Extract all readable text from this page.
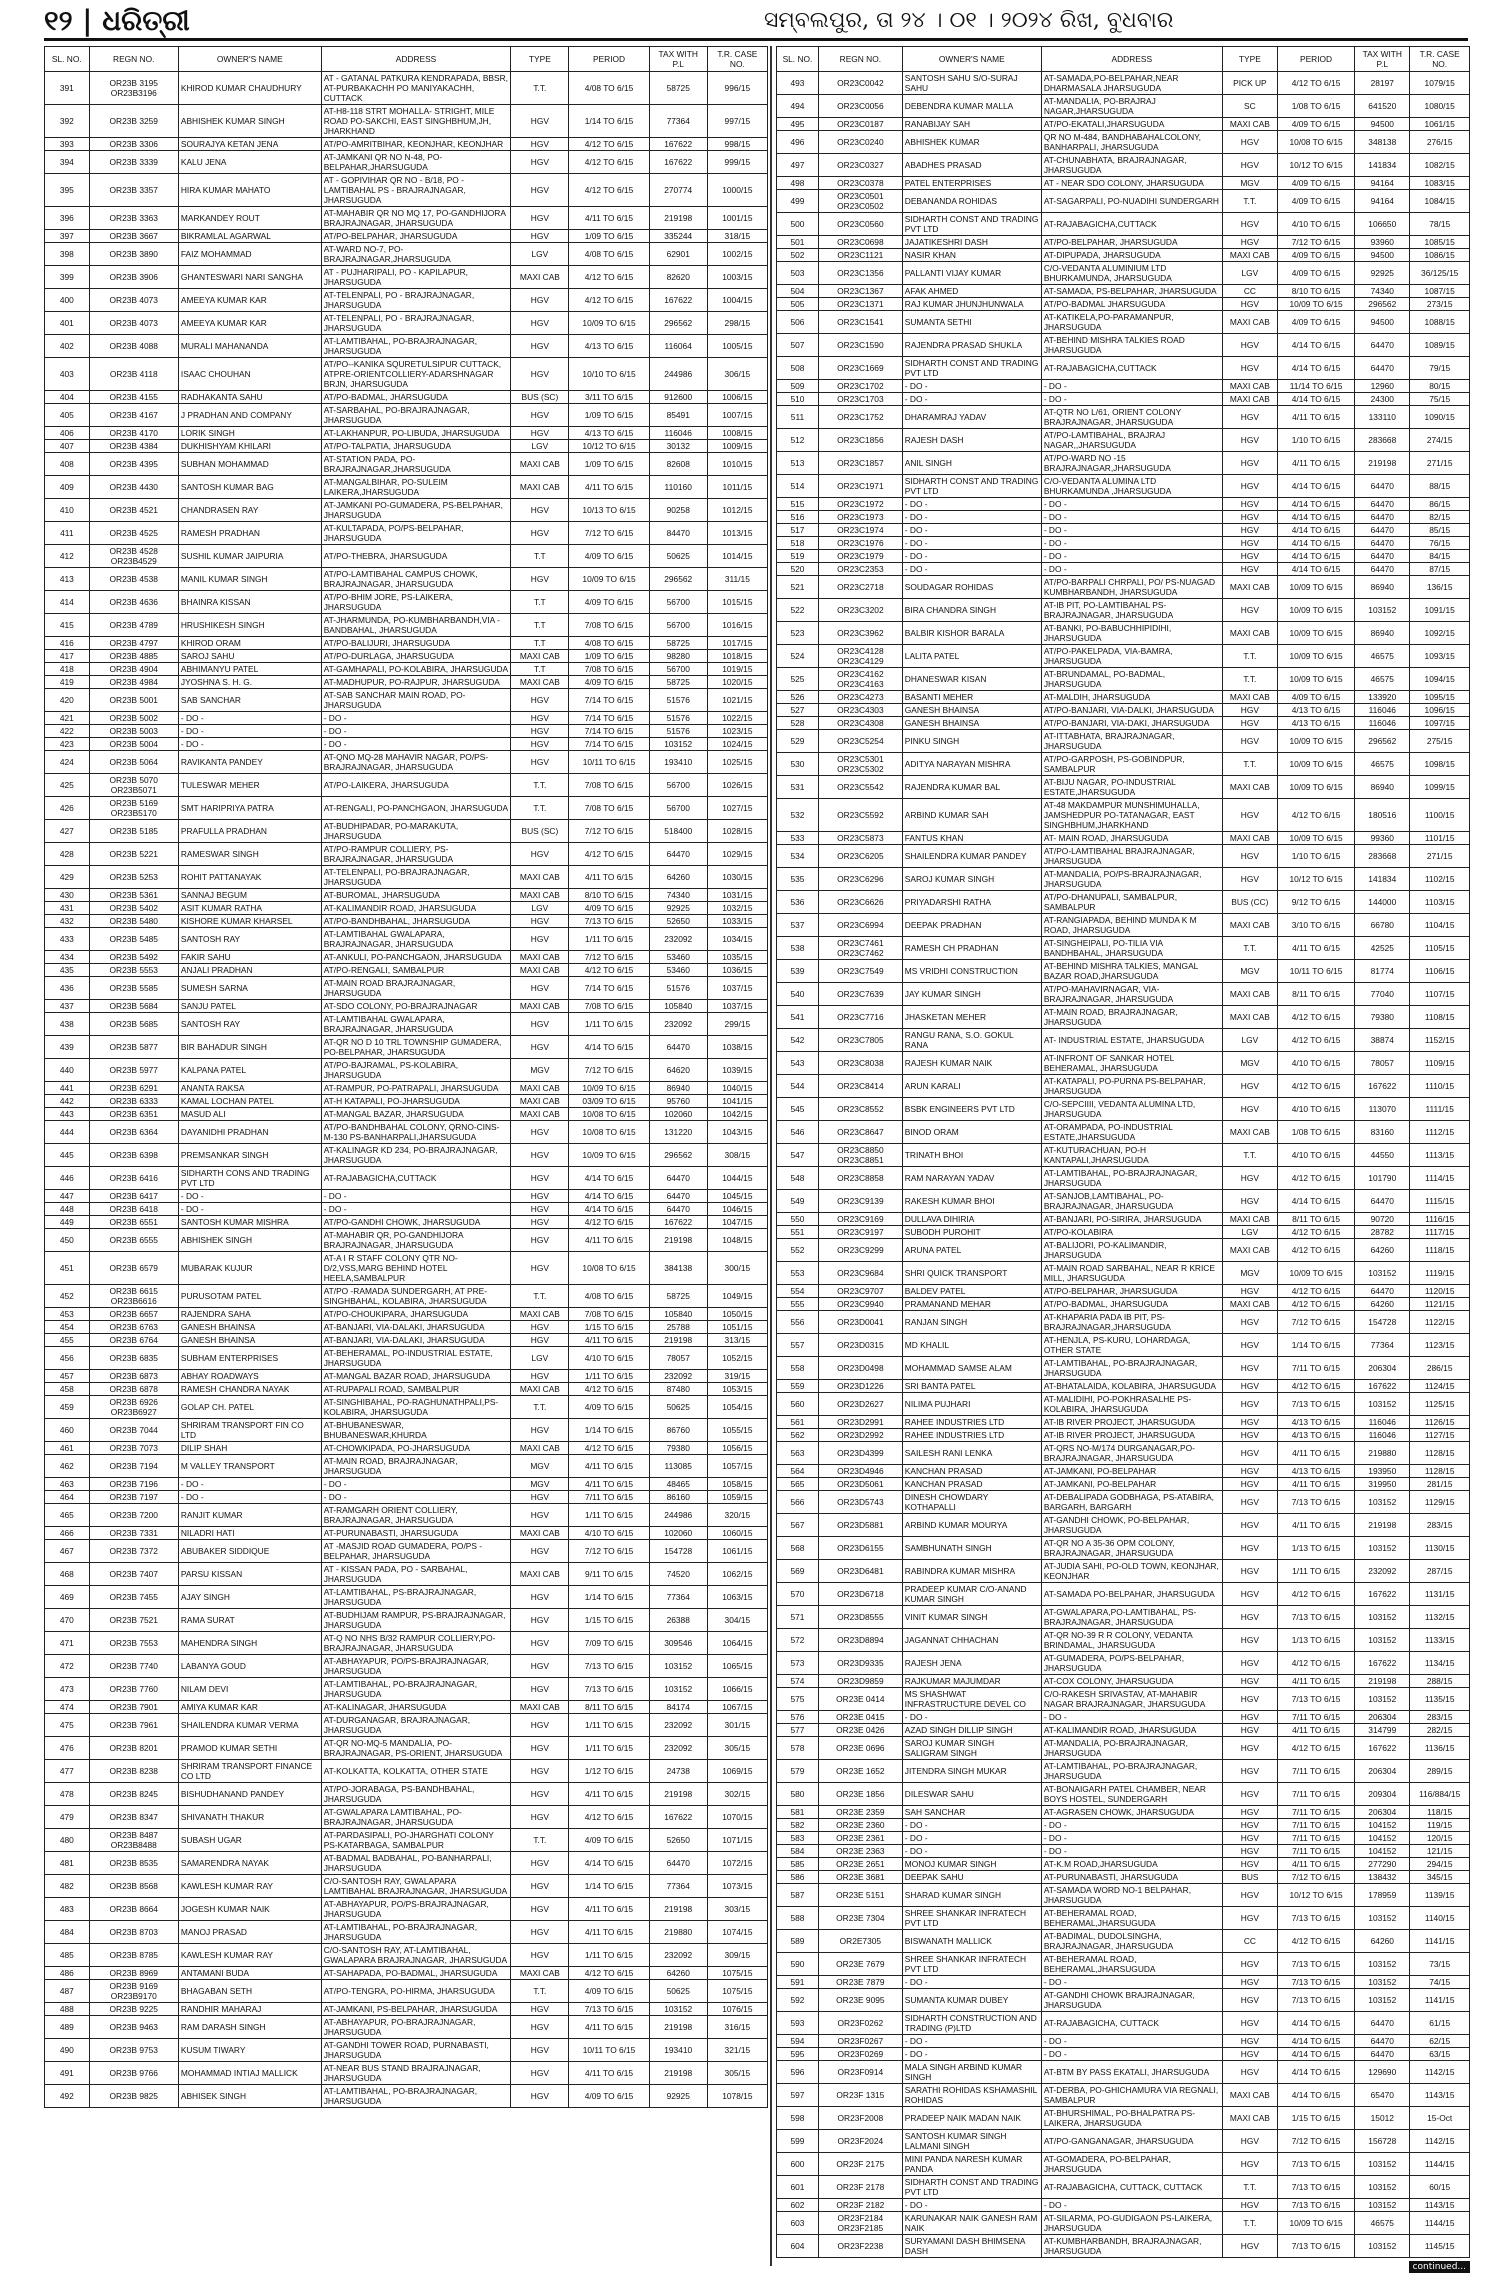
୧୨ | ଧରିତ୍ରୀ	ସମ୍ବଲପୁର, ତା ୨୪ । ୦୧ । ୨୦୨୪ ରିଖ, ବୁଧବାର
SL. NO.	REGN NO.	OWNER'S NAME	ADDRESS	TYPE	PERIOD	TAX WITH P.L	T.R. CASE NO.
391	OR23B 3195 OR23B3196	KHIROD KUMAR CHAUDHURY	AT - GATANAL PATKURA KENDRAPADA, BBSR, AT-PURBAKACHH PO MANIYAKACHH, CUTTACK	T.T.	4/08 TO 6/15	58725	996/15
392	OR23B 3259	ABHISHEK KUMAR SINGH	AT-H8-118 STRT MOHALLA- STRIGHT, MILE ROAD PO-SAKCHI, EAST SINGHBHUM,JH, JHARKHAND	HGV	1/14 TO 6/15	77364	997/15
393	OR23B 3306	SOURAJYA KETAN JENA	AT/PO-AMRITBIHAR, KEONJHAR, KEONJHAR	HGV	4/12 TO 6/15	167622	998/15
394	OR23B 3339	KALU JENA	AT-JAMKANI QR NO N-48, PO-BELPAHAR,JHARSUGUDA	HGV	4/12 TO 6/15	167622	999/15
395	OR23B 3357	HIRA KUMAR MAHATO	AT - GOPIVIHAR QR NO - B/18, PO -LAMTIBAHAL PS - BRAJRAJNAGAR, JHARSUGUDA	HGV	4/12 TO 6/15	270774	1000/15
396	OR23B 3363	MARKANDEY ROUT	AT-MAHABIR QR NO MQ 17, PO-GANDHIJORA BRAJRAJNAGAR, JHARSUGUDA	HGV	4/11 TO 6/15	219198	1001/15
397	OR23B 3667	BIKRAMLAL AGARWAL	AT/PO-BELPAHAR, JHARSUGUDA	HGV	1/09 TO 6/15	335244	318/15
398	OR23B 3890	FAIZ MOHAMMAD	AT-WARD NO-7, PO-BRAJRAJNAGAR,JHARSUGUDA	LGV	4/08 TO 6/15	62901	1002/15
399	OR23B 3906	GHANTESWARI NARI SANGHA	AT - PUJHARIPALI, PO - KAPILAPUR, JHARSUGUDA	MAXI CAB	4/12 TO 6/15	82620	1003/15
400	OR23B 4073	AMEEYA KUMAR KAR	AT-TELENPALI, PO - BRAJRAJNAGAR, JHARSUGUDA	HGV	4/12 TO 6/15	167622	1004/15
401	OR23B 4073	AMEEYA KUMAR KAR	AT-TELENPALI, PO - BRAJRAJNAGAR, JHARSUGUDA	HGV	10/09 TO 6/15	296562	298/15
402	OR23B 4088	MURALI MAHANANDA	AT-LAMTIBAHAL, PO-BRAJRAJNAGAR, JHARSUGUDA	HGV	4/13 TO 6/15	116064	1005/15
403	OR23B 4118	ISAAC CHOUHAN	AT/PO--KANIKA SQURETULSIPUR CUTTACK, ATPRE-ORIENTCOLLIERY-ADARSHNAGAR BRJN, JHARSUGUDA	HGV	10/10 TO 6/15	244986	306/15
404	OR23B 4155	RADHAKANTA SAHU	AT/PO-BADMAL, JHARSUGUDA	BUS (SC)	3/11 TO 6/15	912600	1006/15
405	OR23B 4167	J PRADHAN AND COMPANY	AT-SARBAHAL, PO-BRAJRAJNAGAR, JHARSUGUDA	HGV	1/09 TO 6/15	85491	1007/15
406	OR23B 4170	LORIK SINGH	AT-LAKHANPUR, PO-LIBUDA, JHARSUGUDA	HGV	4/13 TO 6/15	116046	1008/15
407	OR23B 4384	DUKHISHYAM KHILARI	AT/PO-TALPATIA, JHARSUGUDA	LGV	10/12 TO 6/15	30132	1009/15
408	OR23B 4395	SUBHAN MOHAMMAD	AT-STATION PADA, PO-BRAJRAJNAGAR,JHARSUGUDA	MAXI CAB	1/09 TO 6/15	82608	1010/15
409	OR23B 4430	SANTOSH KUMAR BAG	AT-MANGALBIHAR, PO-SULEIM LAIKERA,JHARSUGUDA	MAXI CAB	4/11 TO 6/15	110160	1011/15
410	OR23B 4521	CHANDRASEN RAY	AT-JAMKANI PO-GUMADERA, PS-BELPAHAR, JHARSUGUDA	HGV	10/13 TO 6/15	90258	1012/15
411	OR23B 4525	RAMESH PRADHAN	AT-KULTAPADA, PO/PS-BELPAHAR, JHARSUGUDA	HGV	7/12 TO 6/15	84470	1013/15
412	OR23B 4528 OR23B4529	SUSHIL KUMAR JAIPURIA	AT/PO-THEBRA, JHARSUGUDA	T.T	4/09 TO 6/15	50625	1014/15
413	OR23B 4538	MANIL KUMAR SINGH	AT/PO-LAMTIBAHAL CAMPUS CHOWK, BRAJRAJNAGAR, JHARSUGUDA	HGV	10/09 TO 6/15	296562	311/15
414	OR23B 4636	BHAINRA KISSAN	AT/PO-BHIM JORE, PS-LAIKERA, JHARSUGUDA	T.T	4/09 TO 6/15	56700	1015/15
415	OR23B 4789	HRUSHIKESH SINGH	AT-JHARMUNDA, PO-KUMBHARBANDH,VIA -BANDBAHAL, JHARSUGUDA	T.T	7/08 TO 6/15	56700	1016/15
416	OR23B 4797	KHIROD ORAM	AT/PO-BALIJURI, JHARSUGUDA	T.T	4/08 TO 6/15	58725	1017/15
417	OR23B 4885	SAROJ SAHU	AT/PO-DURLAGA, JHARSUGUDA	MAXI CAB	1/09 TO 6/15	98280	1018/15
418	OR23B 4904	ABHIMANYU PATEL	AT-GAMHAPALI, PO-KOLABIRA, JHARSUGUDA	T.T	7/08 TO 6/15	56700	1019/15
419	OR23B 4984	JYOSHNA S. H. G.	AT-MADHUPUR, PO-RAJPUR, JHARSUGUDA	MAXI CAB	4/09 TO 6/15	58725	1020/15
420	OR23B 5001	SAB SANCHAR	AT-SAB SANCHAR MAIN ROAD, PO-JHARSUGUDA	HGV	7/14 TO 6/15	51576	1021/15
421	OR23B 5002	- DO -	- DO -	HGV	7/14 TO 6/15	51576	1022/15
422	OR23B 5003	- DO -	- DO -	HGV	7/14 TO 6/15	51576	1023/15
423	OR23B 5004	- DO -	- DO -	HGV	7/14 TO 6/15	103152	1024/15
424	OR23B 5064	RAVIKANTA PANDEY	AT-QNO MQ-28 MAHAVIR NAGAR, PO/PS-BRAJRAJNAGAR, JHARSUGUDA	HGV	10/11 TO 6/15	193410	1025/15
425	OR23B 5070 OR23B5071	TULESWAR MEHER	AT/PO-LAIKERA, JHARSUGUDA	T.T.	7/08 TO 6/15	56700	1026/15
426	OR23B 5169 OR23B5170	SMT HARIPRIYA PATRA	AT-RENGALI, PO-PANCHGAON, JHARSUGUDA	T.T.	7/08 TO 6/15	56700	1027/15
427	OR23B 5185	PRAFULLA PRADHAN	AT-BUDHIPADAR, PO-MARAKUTA, JHARSUGUDA	BUS (SC)	7/12 TO 6/15	518400	1028/15
428	OR23B 5221	RAMESWAR SINGH	AT/PO-RAMPUR COLLIERY, PS-BRAJRAJNAGAR, JHARSUGUDA	HGV	4/12 TO 6/15	64470	1029/15
429	OR23B 5253	ROHIT PATTANAYAK	AT-TELENPALI, PO-BRAJRAJNAGAR, JHARSUGUDA	MAXI CAB	4/11 TO 6/15	64260	1030/15
430	OR23B 5361	SANNAJ BEGUM	AT-BUROMAL, JHARSUGUDA	MAXI CAB	8/10 TO 6/15	74340	1031/15
431	OR23B 5402	ASIT KUMAR RATHA	AT-KALIMANDIR ROAD, JHARSUGUDA	LGV	4/09 TO 6/15	92925	1032/15
432	OR23B 5480	KISHORE KUMAR KHARSEL	AT/PO-BANDHBAHAL, JHARSUGUDA	HGV	7/13 TO 6/15	52650	1033/15
433	OR23B 5485	SANTOSH RAY	AT-LAMTIBAHAL GWALAPARA, BRAJRAJNAGAR, JHARSUGUDA	HGV	1/11 TO 6/15	232092	1034/15
434	OR23B 5492	FAKIR SAHU	AT-ANKULI, PO-PANCHGAON, JHARSUGUDA	MAXI CAB	7/12 TO 6/15	53460	1035/15
435	OR23B 5553	ANJALI PRADHAN	AT/PO-RENGALI, SAMBALPUR	MAXI CAB	4/12 TO 6/15	53460	1036/15
436	OR23B 5585	SUMESH SARNA	AT-MAIN ROAD BRAJRAJNAGAR, JHARSUGUDA	HGV	7/14 TO 6/15	51576	1037/15
437	OR23B 5684	SANJU PATEL	AT-SDO COLONY, PO-BRAJRAJNAGAR	MAXI CAB	7/08 TO 6/15	105840	1037/15
438	OR23B 5685	SANTOSH RAY	AT-LAMTIBAHAL GWALAPARA, BRAJRAJNAGAR, JHARSUGUDA	HGV	1/11 TO 6/15	232092	299/15
439	OR23B 5877	BIR BAHADUR SINGH	AT-QR NO D 10 TRL TOWNSHIP GUMADERA, PO-BELPAHAR, JHARSUGUDA	HGV	4/14 TO 6/15	64470	1038/15
440	OR23B 5977	KALPANA PATEL	AT/PO-BAJRAMAL, PS-KOLABIRA, JHARSUGUDA	MGV	7/12 TO 6/15	64620	1039/15
441	OR23B 6291	ANANTA RAKSA	AT-RAMPUR, PO-PATRAPALI, JHARSUGUDA	MAXI CAB	10/09 TO 6/15	86940	1040/15
442	OR23B 6333	KAMAL LOCHAN PATEL	AT-H KATAPALI, PO-JHARSUGUDA	MAXI CAB	03/09 TO 6/15	95760	1041/15
443	OR23B 6351	MASUD ALI	AT-MANGAL BAZAR, JHARSUGUDA	MAXI CAB	10/08 TO 6/15	102060	1042/15
444	OR23B 6364	DAYANIDHI PRADHAN	AT/PO-BANDHBAHAL COLONY, QRNO-CINS-M-130 PS-BANHARPALI,JHARSUGUDA	HGV	10/08 TO 6/15	131220	1043/15
445	OR23B 6398	PREMSANKAR SINGH	AT-KALINAGR KD 234, PO-BRAJRAJNAGAR, JHARSUGUDA	HGV	10/09 TO 6/15	296562	308/15
446	OR23B 6416	SIDHARTH CONS AND TRADING PVT LTD	AT-RAJABAGICHA,CUTTACK	HGV	4/14 TO 6/15	64470	1044/15
447	OR23B 6417	- DO -	- DO -	HGV	4/14 TO 6/15	64470	1045/15
448	OR23B 6418	- DO -	- DO -	HGV	4/14 TO 6/15	64470	1046/15
449	OR23B 6551	SANTOSH KUMAR MISHRA	AT/PO-GANDHI CHOWK, JHARSUGUDA	HGV	4/12 TO 6/15	167622	1047/15
450	OR23B 6555	ABHISHEK SINGH	AT-MAHABIR QR, PO-GANDHIJORA BRAJRAJNAGAR, JHARSUGUDA	HGV	4/11 TO 6/15	219198	1048/15
451	OR23B 6579	MUBARAK KUJUR	AT-A I R STAFF COLONY QTR NO-D/2,VSS,MARG BEHIND HOTEL HEELA,SAMBALPUR	HGV	10/08 TO 6/15	384138	300/15
452	OR23B 6615 OR23B6616	PURUSOTAM PATEL	AT/PO -RAMADA SUNDERGARH, AT PRE-SINGHBAHAL, KOLABIRA, JHARSUGUDA	T.T.	4/08 TO 6/15	58725	1049/15
453	OR23B 6657	RAJENDRA SAHA	AT/PO-CHOUKIPARA, JHARSUGUDA	MAXI CAB	7/08 TO 6/15	105840	1050/15
454	OR23B 6763	GANESH BHAINSA	AT-BANJARI, VIA-DALAKI, JHARSUGUDA	HGV	1/15 TO 6/15	25788	1051/15
455	OR23B 6764	GANESH BHAINSA	AT-BANJARI, VIA-DALAKI, JHARSUGUDA	HGV	4/11 TO 6/15	219198	313/15
456	OR23B 6835	SUBHAM ENTERPRISES	AT-BEHERAMAL, PO-INDUSTRIAL ESTATE, JHARSUGUDA	LGV	4/10 TO 6/15	78057	1052/15
457	OR23B 6873	ABHAY ROADWAYS	AT-MANGAL BAZAR ROAD, JHARSUGUDA	HGV	1/11 TO 6/15	232092	319/15
458	OR23B 6878	RAMESH CHANDRA NAYAK	AT-RUPAPALI ROAD, SAMBALPUR	MAXI CAB	4/12 TO 6/15	87480	1053/15
459	OR23B 6926 OR23B6927	GOLAP CH. PATEL	AT-SINGHIBAHAL, PO-RAGHUNATHPALI,PS-KOLABIRA, JHARSUGUDA	T.T.	4/09 TO 6/15	50625	1054/15
460	OR23B 7044	SHRIRAM TRANSPORT FIN CO LTD	AT-BHUBANESWAR, BHUBANESWAR,KHURDA	HGV	1/14 TO 6/15	86760	1055/15
461	OR23B 7073	DILIP SHAH	AT-CHOWKIPADA, PO-JHARSUGUDA	MAXI CAB	4/12 TO 6/15	79380	1056/15
462	OR23B 7194	M VALLEY TRANSPORT	AT-MAIN ROAD, BRAJRAJNAGAR, JHARSUGUDA	MGV	4/11 TO 6/15	113085	1057/15
463	OR23B 7196	- DO -	- DO -	MGV	4/11 TO 6/15	48465	1058/15
464	OR23B 7197	- DO -	- DO -	HGV	7/11 TO 6/15	86160	1059/15
465	OR23B 7200	RANJIT KUMAR	AT-RAMGARH ORIENT COLLIERY, BRAJRAJNAGAR, JHARSUGUDA	HGV	1/11 TO 6/15	244986	320/15
466	OR23B 7331	NILADRI HATI	AT-PURUNABASTI, JHARSUGUDA	MAXI CAB	4/10 TO 6/15	102060	1060/15
467	OR23B 7372	ABUBAKER SIDDIQUE	AT -MASJID ROAD GUMADERA, PO/PS -BELPAHAR, JHARSUGUDA	HGV	7/12 TO 6/15	154728	1061/15
468	OR23B 7407	PARSU KISSAN	AT - KISSAN PADA, PO - SARBAHAL, JHARSUGUDA	MAXI CAB	9/11 TO 6/15	74520	1062/15
469	OR23B 7455	AJAY SINGH	AT-LAMTIBAHAL, PS-BRAJRAJNAGAR, JHARSUGUDA	HGV	1/14 TO 6/15	77364	1063/15
470	OR23B 7521	RAMA SURAT	AT-BUDHIJAM RAMPUR, PS-BRAJRAJNAGAR, JHARSUGUDA	HGV	1/15 TO 6/15	26388	304/15
471	OR23B 7553	MAHENDRA SINGH	AT-Q NO NHS B/32 RAMPUR COLLIERY,PO-BRAJRAJNAGAR, JHARSUGUDA	HGV	7/09 TO 6/15	309546	1064/15
472	OR23B 7740	LABANYA GOUD	AT-ABHAYAPUR, PO/PS-BRAJRAJNAGAR, JHARSUGUDA	HGV	7/13 TO 6/15	103152	1065/15
473	OR23B 7760	NILAM DEVI	AT-LAMTIBAHAL, PO-BRAJRAJNAGAR, JHARSUGUDA	HGV	7/13 TO 6/15	103152	1066/15
474	OR23B 7901	AMIYA KUMAR KAR	AT-KALINAGAR, JHARSUGUDA	MAXI CAB	8/11 TO 6/15	84174	1067/15
475	OR23B 7961	SHAILENDRA KUMAR VERMA	AT-DURGANAGAR, BRAJRAJNAGAR, JHARSUGUDA	HGV	1/11 TO 6/15	232092	301/15
476	OR23B 8201	PRAMOD KUMAR SETHI	AT-QR NO-MQ-5 MANDALIA, PO-BRAJRAJNAGAR, PS-ORIENT, JHARSUGUDA	HGV	1/11 TO 6/15	232092	305/15
477	OR23B 8238	SHRIRAM TRANSPORT FINANCE CO LTD	AT-KOLKATTA, KOLKATTA, OTHER STATE	HGV	1/12 TO 6/15	24738	1069/15
478	OR23B 8245	BISHUDHANAND PANDEY	AT/PO-JORABAGA, PS-BANDHBAHAL, JHARSUGUDA	HGV	4/11 TO 6/15	219198	302/15
479	OR23B 8347	SHIVANATH THAKUR	AT-GWALAPARA LAMTIBAHAL, PO-BRAJRAJNAGAR, JHARSUGUDA	HGV	4/12 TO 6/15	167622	1070/15
480	OR23B 8487 OR23B8488	SUBASH UGAR	AT-PARDASIPALI, PO-JHARGHATI COLONY PS-KATARBAGA, SAMBALPUR	T.T.	4/09 TO 6/15	52650	1071/15
481	OR23B 8535	SAMARENDRA NAYAK	AT-BADMAL BADBAHAL, PO-BANHARPALI, JHARSUGUDA	HGV	4/14 TO 6/15	64470	1072/15
482	OR23B 8568	KAWLESH KUMAR RAY	C/O-SANTOSH RAY, GWALAPARA LAMTIBAHAL BRAJRAJNAGAR, JHARSUGUDA	HGV	1/14 TO 6/15	77364	1073/15
483	OR23B 8664	JOGESH KUMAR NAIK	AT-ABHAYAPUR, PO/PS-BRAJRAJNAGAR, JHARSUGUDA	HGV	4/11 TO 6/15	219198	303/15
484	OR23B 8703	MANOJ PRASAD	AT-LAMTIBAHAL, PO-BRAJRAJNAGAR, JHARSUGUDA	HGV	4/11 TO 6/15	219880	1074/15
485	OR23B 8785	KAWLESH KUMAR RAY	C/O-SANTOSH RAY, AT-LAMTIBAHAL, GWALAPARA BRAJRAJNAGAR, JHARSUGUDA	HGV	1/11 TO 6/15	232092	309/15
486	OR23B 8969	ANTAMANI BUDA	AT-SAHAPADA, PO-BADMAL, JHARSUGUDA	MAXI CAB	4/12 TO 6/15	64260	1075/15
487	OR23B 9169 OR23B9170	BHAGABAN SETH	AT/PO-TENGRA, PO-HIRMA, JHARSUGUDA	T.T.	4/09 TO 6/15	50625	1075/15
488	OR23B 9225	RANDHIR MAHARAJ	AT-JAMKANI, PS-BELPAHAR, JHARSUGUDA	HGV	7/13 TO 6/15	103152	1076/15
489	OR23B 9463	RAM DARASH SINGH	AT-ABHAYAPUR, PO-BRAJRAJNAGAR, JHARSUGUDA	HGV	4/11 TO 6/15	219198	316/15
490	OR23B 9753	KUSUM TIWARY	AT-GANDHI TOWER ROAD, PURNABASTI, JHARSUGUDA	HGV	10/11 TO 6/15	193410	321/15
491	OR23B 9766	MOHAMMAD INTIAJ MALLICK	AT-NEAR BUS STAND BRAJRAJNAGAR, JHARSUGUDA	HGV	4/11 TO 6/15	219198	305/15
492	OR23B 9825	ABHISEK SINGH	AT-LAMTIBAHAL, PO-BRAJRAJNAGAR, JHARSUGUDA	HGV	4/09 TO 6/15	92925	1078/15
SL. NO.	REGN NO.	OWNER'S NAME	ADDRESS	TYPE	PERIOD	TAX WITH P.L	T.R. CASE NO.
493	OR23C0042	SANTOSH SAHU S/O-SURAJ SAHU	AT-SAMADA,PO-BELPAHAR,NEAR DHARMASALA JHARSUGUDA	PICK UP	4/12 TO 6/15	28197	1079/15
494	OR23C0056	DEBENDRA KUMAR MALLA	AT-MANDALIA, PO-BRAJRAJ NAGAR,JHARSUGUDA	SC	1/08 TO 6/15	641520	1080/15
495	OR23C0187	RANABIJAY SAH	AT/PO-EKATALI,JHARSUGUDA	MAXI CAB	4/09 TO 6/15	94500	1061/15
496	OR23C0240	ABHISHEK KUMAR	QR NO M-484, BANDHABAHALCOLONY, BANHARPALI, JHARSUGUDA	HGV	10/08 TO 6/15	348138	276/15
497	OR23C0327	ABADHES PRASAD	AT-CHUNABHATA, BRAJRAJNAGAR, JHARSUGUDA	HGV	10/12 TO 6/15	141834	1082/15
498	OR23C0378	PATEL ENTERPRISES	AT - NEAR SDO COLONY, JHARSUGUDA	MGV	4/09 TO 6/15	94164	1083/15
499	OR23C0501 OR23C0502	DEBANANDA ROHIDAS	AT-SAGARPALI, PO-NUADIHI SUNDERGARH	T.T.	4/09 TO 6/15	94164	1084/15
500	OR23C0560	SIDHARTH CONST AND TRADING PVT LTD	AT-RAJABAGICHA,CUTTACK	HGV	4/10 TO 6/15	106650	78/15
501	OR23C0698	JAJATIKESHRI DASH	AT/PO-BELPAHAR, JHARSUGUDA	HGV	7/12 TO 6/15	93960	1085/15
502	OR23C1121	NASIR KHAN	AT-DIPUPADA, JHARSUGUDA	MAXI CAB	4/09 TO 6/15	94500	1086/15
503	OR23C1356	PALLANTI VIJAY KUMAR	C/O-VEDANTA ALUMINIUM LTD BHURKAMUNDA, JHARSUGUDA	LGV	4/09 TO 6/15	92925	36/125/15
504	OR23C1367	AFAK AHMED	AT-SAMADA, PS-BELPAHAR, JHARSUGUDA	CC	8/10 TO 6/15	74340	1087/15
505	OR23C1371	RAJ KUMAR JHUNJHUNWALA	AT/PO-BADMAL JHARSUGUDA	HGV	10/09 TO 6/15	296562	273/15
506	OR23C1541	SUMANTA SETHI	AT-KATIKELA,PO-PARAMANPUR, JHARSUGUDA	MAXI CAB	4/09 TO 6/15	94500	1088/15
507	OR23C1590	RAJENDRA PRASAD SHUKLA	AT-BEHIND MISHRA TALKIES ROAD JHARSUGUDA	HGV	4/14 TO 6/15	64470	1089/15
508	OR23C1669	SIDHARTH CONST AND TRADING PVT LTD	AT-RAJABAGICHA,CUTTACK	HGV	4/14 TO 6/15	64470	79/15
509	OR23C1702	- DO -	- DO -	MAXI CAB	11/14 TO 6/15	12960	80/15
510	OR23C1703	- DO -	- DO -	MAXI CAB	4/14 TO 6/15	24300	75/15
511	OR23C1752	DHARAMRAJ YADAV	AT-QTR NO L/61, ORIENT COLONY BRAJRAJNAGAR, JHARSUGUDA	HGV	4/11 TO 6/15	133110	1090/15
512	OR23C1856	RAJESH DASH	AT/PO-LAMTIBAHAL, BRAJRAJ NAGAR,,JHARSUGUDA	HGV	1/10 TO 6/15	283668	274/15
513	OR23C1857	ANIL SINGH	AT/PO-WARD NO -15 BRAJRAJNAGAR,JHARSUGUDA	HGV	4/11 TO 6/15	219198	271/15
514	OR23C1971	SIDHARTH CONST AND TRADING PVT LTD	C/O-VEDANTA ALUMINA LTD BHURKAMUNDA ,JHARSUGUDA	HGV	4/14 TO 6/15	64470	88/15
515	OR23C1972	- DO -	- DO -	HGV	4/14 TO 6/15	64470	86/15
516	OR23C1973	- DO -	- DO -	HGV	4/14 TO 6/15	64470	82/15
517	OR23C1974	- DO -	- DO -	HGV	4/14 TO 6/15	64470	85/15
518	OR23C1976	- DO -	- DO -	HGV	4/14 TO 6/15	64470	76/15
519	OR23C1979	- DO -	- DO -	HGV	4/14 TO 6/15	64470	84/15
520	OR23C2353	- DO -	- DO -	HGV	4/14 TO 6/15	64470	87/15
521	OR23C2718	SOUDAGAR ROHIDAS	AT/PO-BARPALI CHRPALI, PO/ PS-NUAGAD KUMBHARBANDH, JHARSUGUDA	MAXI CAB	10/09 TO 6/15	86940	136/15
522	OR23C3202	BIRA CHANDRA SINGH	AT-IB PIT, PO-LAMTIBAHAL PS-BRAJRAJNAGAR, JHARSUGUDA	HGV	10/09 TO 6/15	103152	1091/15
523	OR23C3962	BALBIR KISHOR BARALA	AT-BANKI, PO-BABUCHHIPIDIHI, JHARSUGUDA	MAXI CAB	10/09 TO 6/15	86940	1092/15
524	OR23C4128 OR23C4129	LALITA PATEL	AT/PO-PAKELPADA, VIA-BAMRA, JHARSUGUDA	T.T.	10/09 TO 6/15	46575	1093/15
525	OR23C4162 OR23C4163	DHANESWAR KISAN	AT-BRUNDAMAL, PO-BADMAL, JHARSUGUDA	T.T.	10/09 TO 6/15	46575	1094/15
526	OR23C4273	BASANTI MEHER	AT-MALDIH, JHARSUGUDA	MAXI CAB	4/09 TO 6/15	133920	1095/15
527	OR23C4303	GANESH BHAINSA	AT/PO-BANJARI, VIA-DALKI, JHARSUGUDA	HGV	4/13 TO 6/15	116046	1096/15
528	OR23C4308	GANESH BHAINSA	AT/PO-BANJARI, VIA-DAKI, JHARSUGUDA	HGV	4/13 TO 6/15	116046	1097/15
529	OR23C5254	PINKU SINGH	AT-ITTABHATA, BRAJRAJNAGAR, JHARSUGUDA	HGV	10/09 TO 6/15	296562	275/15
530	OR23C5301 OR23C5302	ADITYA NARAYAN MISHRA	AT/PO-GARPOSH, PS-GOBINDPUR, SAMBALPUR	T.T.	10/09 TO 6/15	46575	1098/15
531	OR23C5542	RAJENDRA KUMAR BAL	AT-BIJU NAGAR, PO-INDUSTRIAL ESTATE,JHARSUGUDA	MAXI CAB	10/09 TO 6/15	86940	1099/15
532	OR23C5592	ARBIND KUMAR SAH	AT-48 MAKDAMPUR MUNSHIMUHALLA, JAMSHEDPUR PO-TATANAGAR, EAST SINGHBHUM,JHARKHAND	HGV	4/12 TO 6/15	180516	1100/15
533	OR23C5873	FANTUS KHAN	AT- MAIN ROAD, JHARSUGUDA	MAXI CAB	10/09 TO 6/15	99360	1101/15
534	OR23C6205	SHAILENDRA KUMAR PANDEY	AT/PO-LAMTIBAHAL BRAJRAJNAGAR, JHARSUGUDA	HGV	1/10 TO 6/15	283668	271/15
535	OR23C6296	SAROJ KUMAR SINGH	AT-MANDALIA, PO/PS-BRAJRAJNAGAR, JHARSUGUDA	HGV	10/12 TO 6/15	141834	1102/15
536	OR23C6626	PRIYADARSHI RATHA	AT/PO-DHANUPALI, SAMBALPUR, SAMBALPUR	BUS (CC)	9/12 TO 6/15	144000	1103/15
537	OR23C6994	DEEPAK PRADHAN	AT-RANGIAPADA, BEHIND MUNDA K M ROAD, JHARSUGUDA	MAXI CAB	3/10 TO 6/15	66780	1104/15
538	OR23C7461 OR23C7462	RAMESH CH PRADHAN	AT-SINGHEIPALI, PO-TILIA VIA BANDHBAHAL, JHARSUGUDA	T.T.	4/11 TO 6/15	42525	1105/15
539	OR23C7549	MS VRIDHI CONSTRUCTION	AT-BEHIND MISHRA TALKIES, MANGAL BAZAR ROAD,JHARSUGUDA	MGV	10/11 TO 6/15	81774	1106/15
540	OR23C7639	JAY KUMAR SINGH	AT/PO-MAHAVIRNAGAR, VIA-BRAJRAJNAGAR, JHARSUGUDA	MAXI CAB	8/11 TO 6/15	77040	1107/15
541	OR23C7716	JHASKETAN MEHER	AT-MAIN ROAD, BRAJRAJNAGAR, JHARSUGUDA	MAXI CAB	4/12 TO 6/15	79380	1108/15
542	OR23C7805	RANGU RANA, S.O. GOKUL RANA	AT- INDUSTRIAL ESTATE, JHARSUGUDA	LGV	4/12 TO 6/15	38874	1152/15
543	OR23C8038	RAJESH KUMAR NAIK	AT-INFRONT OF SANKAR HOTEL BEHERAMAL, JHARSUGUDA	MGV	4/10 TO 6/15	78057	1109/15
544	OR23C8414	ARUN KARALI	AT-KATAPALI, PO-PURNA PS-BELPAHAR, JHARSUGUDA	HGV	4/12 TO 6/15	167622	1110/15
545	OR23C8552	BSBK ENGINEERS PVT LTD	C/O-SEPCIIII, VEDANTA ALUMINA LTD, JHARSUGUDA	HGV	4/10 TO 6/15	113070	1111/15
546	OR23C8647	BINOD ORAM	AT-ORAMPADA, PO-INDUSTRIAL ESTATE,JHARSUGUDA	MAXI CAB	1/08 TO 6/15	83160	1112/15
547	OR23C8850 OR23C8851	TRINATH BHOI	AT-KUTURACHUAN, PO-H KANTAPALI,JHARSUGUDA	T.T.	4/10 TO 6/15	44550	1113/15
548	OR23C8858	RAM NARAYAN YADAV	AT-LAMTIBAHAL, PO-BRAJRAJNAGAR, JHARSUGUDA	HGV	4/12 TO 6/15	101790	1114/15
549	OR23C9139	RAKESH KUMAR BHOI	AT-SANJOB,LAMTIBAHAL, PO-BRAJRAJNAGAR, JHARSUGUDA	HGV	4/14 TO 6/15	64470	1115/15
550	OR23C9169	DULLAVA DIHIRIA	AT-BANJARI, PO-SIRIRA, JHARSUGUDA	MAXI CAB	8/11 TO 6/15	90720	1116/15
551	OR23C9197	SUBODH PUROHIT	AT/PO-KOLABIRA	LGV	4/12 TO 6/15	28782	1117/15
552	OR23C9299	ARUNA PATEL	AT-BALIJORI, PO-KALIMANDIR, JHARSUGUDA	MAXI CAB	4/12 TO 6/15	64260	1118/15
553	OR23C9684	SHRI QUICK TRANSPORT	AT-MAIN ROAD SARBAHAL, NEAR R KRICE MILL, JHARSUGUDA	MGV	10/09 TO 6/15	103152	1119/15
554	OR23C9707	BALDEV PATEL	AT/PO-BELPAHAR, JHARSUGUDA	HGV	4/12 TO 6/15	64470	1120/15
555	OR23C9940	PRAMANAND MEHAR	AT/PO-BADMAL, JHARSUGUDA	MAXI CAB	4/12 TO 6/15	64260	1121/15
556	OR23D0041	RANJAN SINGH	AT-KHAPARIA PADA IB PIT, PS-BRAJRAJNAGAR,JHARSUGUDA	HGV	7/12 TO 6/15	154728	1122/15
557	OR23D0315	MD KHALIL	AT-HENJLA, PS-KURU, LOHARDAGA, OTHER STATE	HGV	1/14 TO 6/15	77364	1123/15
558	OR23D0498	MOHAMMAD SAMSE ALAM	AT-LAMTIBAHAL, PO-BRAJRAJNAGAR, JHARSUGUDA	HGV	7/11 TO 6/15	206304	286/15
559	OR23D1226	SRI BANTA PATEL	AT-BHATALAIDA, KOLABIRA, JHARSUGUDA	HGV	4/12 TO 6/15	167622	1124/15
560	OR23D2627	NILIMA PUJHARI	AT-MALIDIHI, PO-POKHRASALHE PS-KOLABIRA, JHARSUGUDA	HGV	7/13 TO 6/15	103152	1125/15
561	OR23D2991	RAHEE INDUSTRIES LTD	AT-IB RIVER PROJECT, JHARSUGUDA	HGV	4/13 TO 6/15	116046	1126/15
562	OR23D2992	RAHEE INDUSTRIES LTD	AT-IB RIVER PROJECT, JHARSUGUDA	HGV	4/13 TO 6/15	116046	1127/15
563	OR23D4399	SAILESH RANI LENKA	AT-QRS NO-M/174 DURGANAGAR,PO-BRAJRAJNAGAR, JHARSUGUDA	HGV	4/11 TO 6/15	219880	1128/15
564	OR23D4946	KANCHAN PRASAD	AT-JAMKANI, PO-BELPAHAR	HGV	4/13 TO 6/15	193950	1128/15
565	OR23D5061	KANCHAN PRASAD	AT-JAMKANI, PO-BELPAHAR	HGV	4/11 TO 6/15	319950	281/15
566	OR23D5743	DINESH CHOWDARY KOTHAPALLI	AT-DEBALIPADA GODBHAGA, PS-ATABIRA, BARGARH, BARGARH	HGV	7/13 TO 6/15	103152	1129/15
567	OR23D5881	ARBIND KUMAR MOURYA	AT-GANDHI CHOWK, PO-BELPAHAR, JHARSUGUDA	HGV	4/11 TO 6/15	219198	283/15
568	OR23D6155	SAMBHUNATH SINGH	AT-QR NO A 35-36 OPM COLONY, BRAJRAJNAGAR, JHARSUGUDA	HGV	1/13 TO 6/15	103152	1130/15
569	OR23D6481	RABINDRA KUMAR MISHRA	AT-JUDIA SAHI, PO-OLD TOWN, KEONJHAR, KEONJHAR	HGV	1/11 TO 6/15	232092	287/15
570	OR23D6718	PRADEEP KUMAR C/O-ANAND KUMAR SINGH	AT-SAMADA PO-BELPAHAR, JHARSUGUDA	HGV	4/12 TO 6/15	167622	1131/15
571	OR23D8555	VINIT KUMAR SINGH	AT-GWALAPARA,PO-LAMTIBAHAL, PS-BRAJRAJNAGAR, JHARSUGUDA	HGV	7/13 TO 6/15	103152	1132/15
572	OR23D8894	JAGANNAT CHHACHAN	AT-QR NO-39 R R COLONY, VEDANTA BRINDAMAL, JHARSUGUDA	HGV	1/13 TO 6/15	103152	1133/15
573	OR23D9335	RAJESH JENA	AT-GUMADERA, PO/PS-BELPAHAR, JHARSUGUDA	HGV	4/12 TO 6/15	167622	1134/15
574	OR23D9859	RAJKUMAR MAJUMDAR	AT-COX COLONY, JHARSUGUDA	HGV	4/11 TO 6/15	219198	288/15
575	OR23E 0414	MS SHASHWAT INFRASTRUCTURE DEVEL CO	C/O-RAKESH SRIVASTAV, AT-MAHABIR NAGAR BRAJRAJNAGAR, JHARSUGUDA	HGV	7/13 TO 6/15	103152	1135/15
576	OR23E 0415	- DO -	- DO -	HGV	7/11 TO 6/15	206304	283/15
577	OR23E 0426	AZAD SINGH DILLIP SINGH	AT-KALIMANDIR ROAD, JHARSUGUDA	HGV	4/11 TO 6/15	314799	282/15
578	OR23E 0696	SAROJ KUMAR SINGH SALIGRAM SINGH	AT-MANDALIA, PO-BRAJRAJNAGAR, JHARSUGUDA	HGV	4/12 TO 6/15	167622	1136/15
579	OR23E 1652	JITENDRA SINGH MUKAR	AT-LAMTIBAHAL, PO-BRAJRAJNAGAR, JHARSUGUDA	HGV	7/11 TO 6/15	206304	289/15
580	OR23E 1856	DILESWAR SAHU	AT-BONAIGARH PATEL CHAMBER, NEAR BOYS HOSTEL, SUNDERGARH	HGV	7/11 TO 6/15	209304	116/884/15
581	OR23E 2359	SAH SANCHAR	AT-AGRASEN CHOWK, JHARSUGUDA	HGV	7/11 TO 6/15	206304	118/15
582	OR23E 2360	- DO -	- DO -	HGV	7/11 TO 6/15	104152	119/15
583	OR23E 2361	- DO -	- DO -	HGV	7/11 TO 6/15	104152	120/15
584	OR23E 2363	- DO -	- DO -	HGV	7/11 TO 6/15	104152	121/15
585	OR23E 2651	MONOJ KUMAR SINGH	AT-K.M ROAD,JHARSUGUDA	HGV	4/11 TO 6/15	277290	294/15
586	OR23E 3681	DEEPAK SAHU	AT-PURUNABASTI, JHARSUGUDA	BUS	7/12 TO 6/15	138432	345/15
587	OR23E 5151	SHARAD KUMAR SINGH	AT-SAMADA WORD NO-1 BELPAHAR, JHARSUGUDA	HGV	10/12 TO 6/15	178959	1139/15
588	OR23E 7304	SHREE SHANKAR INFRATECH PVT LTD	AT-BEHERAMAL ROAD, BEHERAMAL,JHARSUGUDA	HGV	7/13 TO 6/15	103152	1140/15
589	OR2E7305	BISWANATH MALLICK	AT-BADIMAL, DUDOLSINGHA, BRAJRAJNAGAR, JHARSUGUDA	CC	4/12 TO 6/15	64260	1141/15
590	OR23E 7679	SHREE SHANKAR INFRATECH PVT LTD	AT-BEHERAMAL ROAD, BEHERAMAL,JHARSUGUDA	HGV	7/13 TO 6/15	103152	73/15
591	OR23E 7879	- DO -	- DO -	HGV	7/13 TO 6/15	103152	74/15
592	OR23E 9095	SUMANTA KUMAR DUBEY	AT-GANDHI CHOWK BRAJRAJNAGAR, JHARSUGUDA	HGV	7/13 TO 6/15	103152	1141/15
593	OR23F0262	SIDHARTH CONSTRUCTION AND TRADING (P)LTD	AT-RAJABAGICHA, CUTTACK	HGV	4/14 TO 6/15	64470	61/15
594	OR23F0267	- DO -	- DO -	HGV	4/14 TO 6/15	64470	62/15
595	OR23F0269	- DO -	- DO -	HGV	4/14 TO 6/15	64470	63/15
596	OR23F0914	MALA SINGH ARBIND KUMAR SINGH	AT-BTM BY PASS EKATALI, JHARSUGUDA	HGV	4/14 TO 6/15	129690	1142/15
597	OR23F 1315	SARATHI ROHIDAS KSHAMASHIL ROHIDAS	AT-DERBA, PO-GHICHAMURA VIA REGNALI, SAMBALPUR	MAXI CAB	4/14 TO 6/15	65470	1143/15
598	OR23F2008	PRADEEP NAIK MADAN NAIK	AT-BHURSHIMAL, PO-BHALPATRA PS-LAIKERA, JHARSUGUDA	MAXI CAB	1/15 TO 6/15	15012	15-Oct
599	OR23F2024	SANTOSH KUMAR SINGH LALMANI SINGH	AT/PO-GANGANAGAR, JHARSUGUDA	HGV	7/12 TO 6/15	156728	1142/15
600	OR23F 2175	MINI PANDA NARESH KUMAR PANDA	AT-GOMADERA, PO-BELPAHAR, JHARSUGUDA	HGV	7/13 TO 6/15	103152	1144/15
601	OR23F 2178	SIDHARTH CONST AND TRADING PVT LTD	AT-RAJABAGICHA, CUTTACK, CUTTACK	T.T.	7/13 TO 6/15	103152	60/15
602	OR23F 2182	- DO -	- DO -	HGV	7/13 TO 6/15	103152	1143/15
603	OR23F2184 OR23F2185	KARUNAKAR NAIK GANESH RAM NAIK	AT-SILARMA, PO-GUDIGAON PS-LAIKERA, JHARSUGUDA	T.T.	10/09 TO 6/15	46575	1144/15
604	OR23F2238	SURYAMANI DASH BHIMSENA DASH	AT-KUMBHARBANDH, BRAJRAJNAGAR, JHARSUGUDA	HGV	7/13 TO 6/15	103152	1145/15
continued...
